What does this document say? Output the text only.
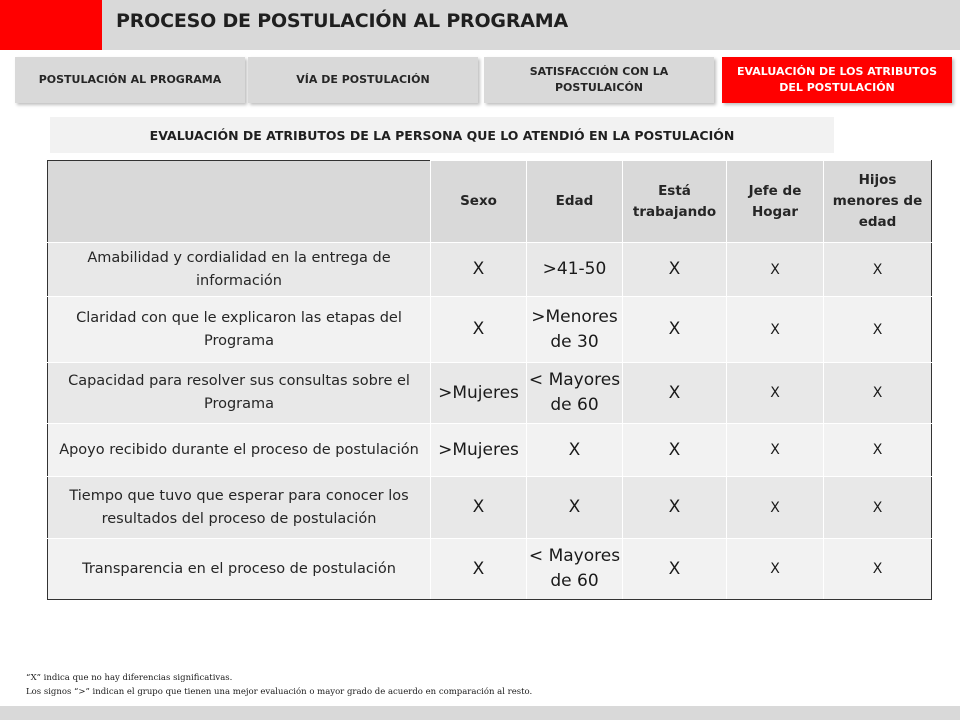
PROCESO DE POSTULACIÓN AL PROGRAMA
POSTULACIÓN AL PROGRAMA	VÍA DE POSTULACIÓN
SATISFACCIÓN CON LA POSTULAICÓN
EVALUACIÓN DE LOS ATRIBUTOS DEL POSTULACIÓN
EVALUACIÓN DE ATRIBUTOS DE LA PERSONA QUE LO ATENDIÓ EN LA POSTULACIÓN
	Sexo	Edad	Está trabajando	Jefe de Hogar	Hijos menores de edad
Amabilidad y cordialidad en la entrega de información	X	>41-50	X	X	X
Claridad con que le explicaron las etapas del Programa	X	>Menores de 30	X	X	X
Capacidad para resolver sus consultas sobre el Programa	>Mujeres	< Mayores de 60	X	X	X
Apoyo recibido durante el proceso de postulación	>Mujeres	X	X	X	X
Tiempo que tuvo que esperar para conocer los resultados del proceso de postulación	X	X	X	X	X
Transparencia en el proceso de postulación	X	< Mayores de 60	X	X	X
“X” indica que no hay diferencias significativas.
Los signos “>” indican el grupo que tienen una mejor evaluación o mayor grado de acuerdo en comparación al resto.
